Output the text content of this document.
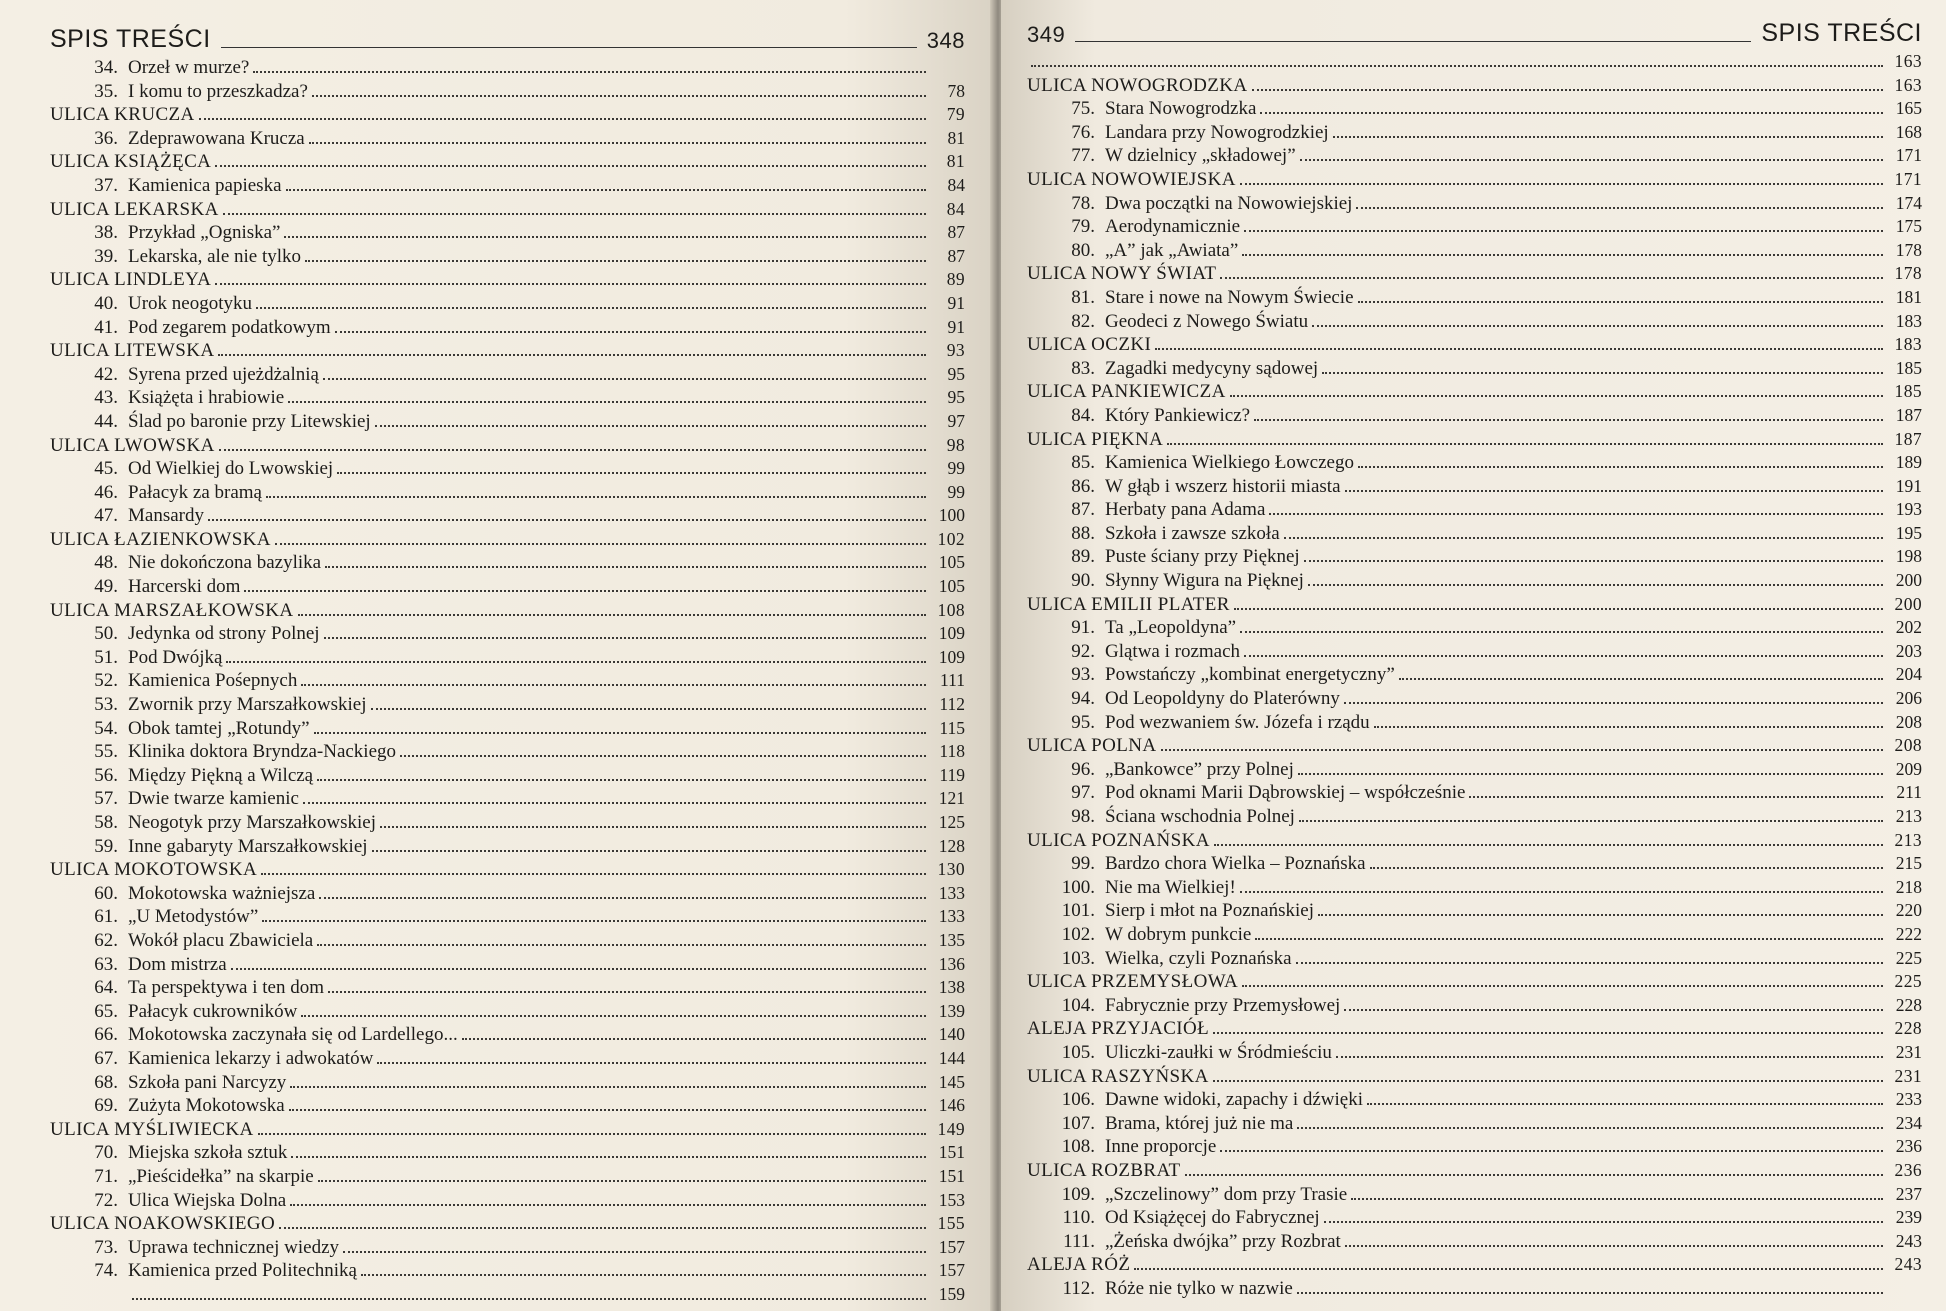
SPIS TREŚCI	348
34. Orzeł w murze?
35. I komu to przeszkadza?	78
ULICA KRUCZA	79
36. Zdeprawowana Krucza	81
ULICA KSIĄŻĘCA	81
37. Kamienica papieska	84
ULICA LEKARSKA	84
38. Przykład „Ogniska”	87
39. Lekarska, ale nie tylko	87
ULICA LINDLEYA	89
40. Urok neogotyku	91
41. Pod zegarem podatkowym	91
ULICA LITEWSKA	93
42. Syrena przed ujeżdżalnią	95
43. Książęta i hrabiowie	95
44. Ślad po baronie przy Litewskiej	97
ULICA LWOWSKA	98
45. Od Wielkiej do Lwowskiej	99
46. Pałacyk za bramą	99
47. Mansardy	100
ULICA ŁAZIENKOWSKA	102
48. Nie dokończona bazylika	105
49. Harcerski dom	105
ULICA MARSZAŁKOWSKA	108
50. Jedynka od strony Polnej	109
51. Pod Dwójką	109
52. Kamienica Pośepnych	111
53. Zwornik przy Marszałkowskiej	112
54. Obok tamtej „Rotundy”	115
55. Klinika doktora Bryndza-Nackiego	118
56. Między Piękną a Wilczą	119
57. Dwie twarze kamienic	121
58. Neogotyk przy Marszałkowskiej	125
59. Inne gabaryty Marszałkowskiej	128
ULICA MOKOTOWSKA	130
60. Mokotowska ważniejsza	133
61. „U Metodystów”	133
62. Wokół placu Zbawiciela	135
63. Dom mistrza	136
64. Ta perspektywa i ten dom	138
65. Pałacyk cukrowników	139
66. Mokotowska zaczynała się od Lardellego...	140
67. Kamienica lekarzy i adwokatów	144
68. Szkoła pani Narcyzy	145
69. Zużyta Mokotowska	146
ULICA MYŚLIWIECKA	149
70. Miejska szkoła sztuk	151
71. „Pieścidełka” na skarpie	151
72. Ulica Wiejska Dolna	153
ULICA NOAKOWSKIEGO	155
73. Uprawa technicznej wiedzy	157
74. Kamienica przed Politechniką	157
159
349	SPIS TREŚCI
163
ULICA NOWOGRODZKA	163
75. Stara Nowogrodzka	165
76. Landara przy Nowogrodzkiej	168
77. W dzielnicy „składowej”	171
ULICA NOWOWIEJSKA	171
78. Dwa początki na Nowowiejskiej	174
79. Aerodynamicznie	175
80. „A” jak „Awiata”	178
ULICA NOWY ŚWIAT	178
81. Stare i nowe na Nowym Świecie	181
82. Geodeci z Nowego Światu	183
ULICA OCZKI	183
83. Zagadki medycyny sądowej	185
ULICA PANKIEWICZA	185
84. Który Pankiewicz?	187
ULICA PIĘKNA	187
85. Kamienica Wielkiego Łowczego	189
86. W głąb i wszerz historii miasta	191
87. Herbaty pana Adama	193
88. Szkoła i zawsze szkoła	195
89. Puste ściany przy Pięknej	198
90. Słynny Wigura na Pięknej	200
ULICA EMILII PLATER	200
91. Ta „Leopoldyna”	202
92. Glątwa i rozmach	203
93. Powstańczy „kombinat energetyczny”	204
94. Od Leopoldyny do Platerówny	206
95. Pod wezwaniem św. Józefa i rządu	208
ULICA POLNA	208
96. „Bankowce” przy Polnej	209
97. Pod oknami Marii Dąbrowskiej – współcześnie	211
98. Ściana wschodnia Polnej	213
ULICA POZNAŃSKA	213
99. Bardzo chora Wielka – Poznańska	215
100. Nie ma Wielkiej!	218
101. Sierp i młot na Poznańskiej	220
102. W dobrym punkcie	222
103. Wielka, czyli Poznańska	225
ULICA PRZEMYSŁOWA	225
104. Fabrycznie przy Przemysłowej	228
ALEJA PRZYJACIÓŁ	228
105. Uliczki-zaułki w Śródmieściu	231
ULICA RASZYŃSKA	231
106. Dawne widoki, zapachy i dźwięki	233
107. Brama, której już nie ma	234
108. Inne proporcje	236
ULICA ROZBRAT	236
109. „Szczelinowy” dom przy Trasie	237
110. Od Książęcej do Fabrycznej	239
111. „Żeńska dwójka” przy Rozbrat	243
ALEJA RÓŻ	243
112. Róże nie tylko w nazwie
